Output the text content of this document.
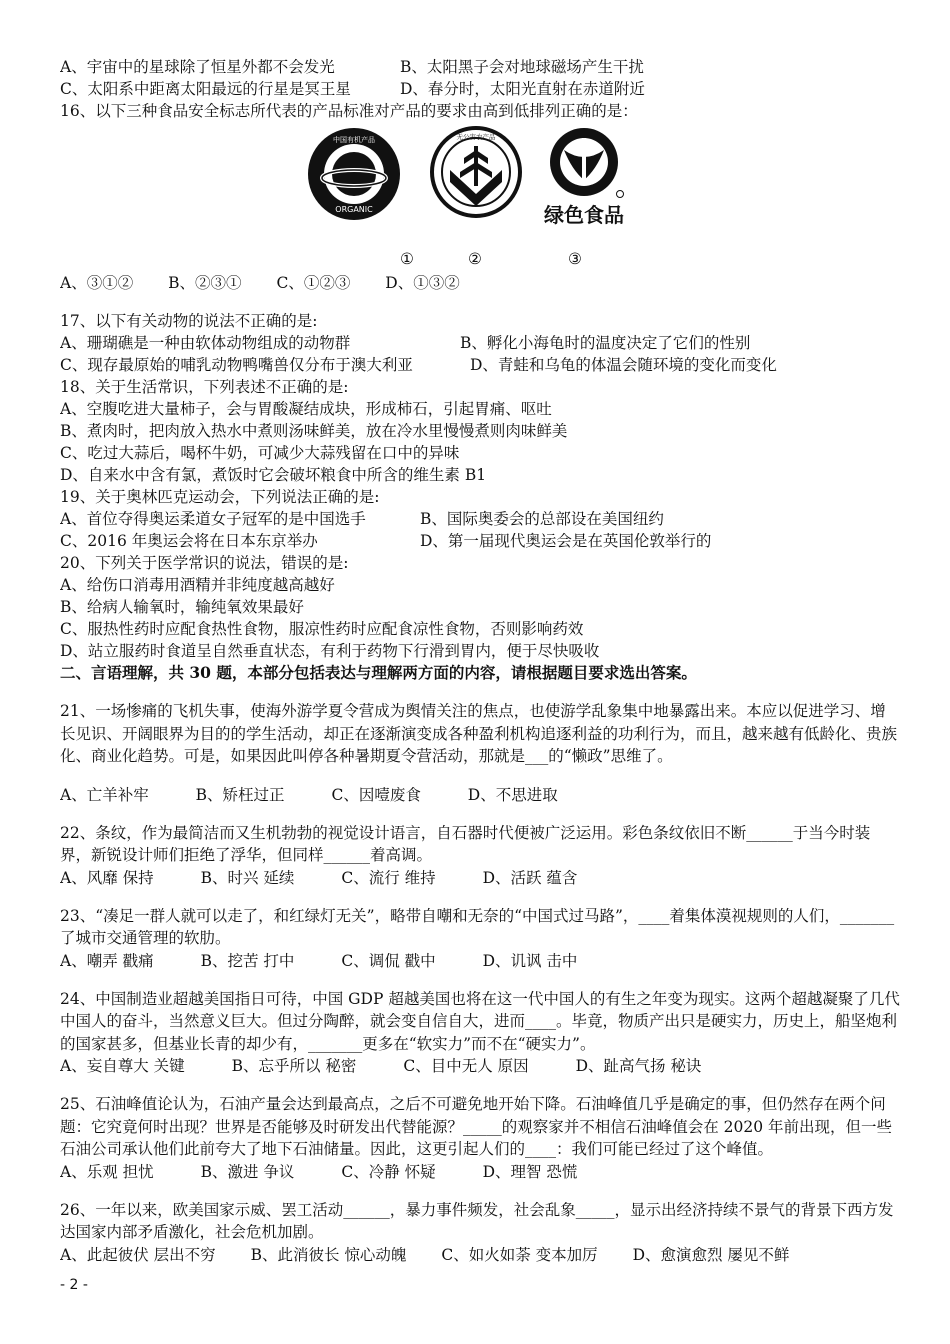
A、宇宙中的星球除了恒星外都不会发光	B、太阳黑子会对地球磁场产生干扰
C、太阳系中距离太阳最远的行星是冥王星	D、春分时，太阳光直射在赤道附近
16、以下三种食品安全标志所代表的产品标准对产品的要求由高到低排列正确的是：
中国有机产品
ORGANIC
无公害农产品
绿色食品
①	②	③
A、③①② B、②③① C、①②③ D、①③②
17、以下有关动物的说法不正确的是:
A、珊瑚礁是一种由软体动物组成的动物群	B、孵化小海龟时的温度决定了它们的性别
C、现存最原始的哺乳动物鸭嘴兽仅分布于澳大利亚	D、青蛙和乌龟的体温会随环境的变化而变化
18、关于生活常识，下列表述不正确的是:
A、空腹吃进大量柿子，会与胃酸凝结成块，形成柿石，引起胃痛、呕吐
B、煮肉时，把肉放入热水中煮则汤味鲜美，放在冷水里慢慢煮则肉味鲜美
C、吃过大蒜后，喝杯牛奶，可减少大蒜残留在口中的异味
D、自来水中含有氯，煮饭时它会破坏粮食中所含的维生素 B1
19、关于奥林匹克运动会，下列说法正确的是:
A、首位夺得奥运柔道女子冠军的是中国选手	B、国际奥委会的总部设在美国纽约
C、2016 年奥运会将在日本东京举办	D、第一届现代奥运会是在英国伦敦举行的
20、下列关于医学常识的说法，错误的是:
A、给伤口消毒用酒精并非纯度越高越好
B、给病人输氧时，输纯氧效果最好
C、服热性药时应配食热性食物，服凉性药时应配食凉性食物，否则影响药效
D、站立服药时食道呈自然垂直状态，有利于药物下行滑到胃内，便于尽快吸收
二、言语理解，共 30 题，本部分包括表达与理解两方面的内容，请根据题目要求选出答案。
21、一场惨痛的飞机失事，使海外游学夏令营成为舆情关注的焦点，也使游学乱象集中地暴露出来。本应以促进学习、增长见识、开阔眼界为目的的学生活动，却正在逐渐演变成各种盈利机构追逐利益的功利行为，而且，越来越有低龄化、贵族化、商业化趋势。可是，如果因此叫停各种暑期夏令营活动，那就是___的“懒政”思维了。
A、亡羊补牢	B、矫枉过正	C、因噎废食	D、不思进取
22、条纹，作为最简洁而又生机勃勃的视觉设计语言，自石器时代便被广泛运用。彩色条纹依旧不断______于当今时装界，新锐设计师们拒绝了浮华，但同样______着高调。
A、风靡 保持	B、时兴 延续	C、流行 维持	D、活跃 蕴含
23、“凑足一群人就可以走了，和红绿灯无关”，略带自嘲和无奈的“中国式过马路”，____着集体漠视规则的人们，_______了城市交通管理的软肋。
A、嘲弄 戳痛	B、挖苦 打中	C、调侃 戳中	D、讥讽 击中
24、中国制造业超越美国指日可待，中国 GDP 超越美国也将在这一代中国人的有生之年变为现实。这两个超越凝聚了几代中国人的奋斗，当然意义巨大。但过分陶醉，就会变自信自大，进而____。毕竟，物质产出只是硬实力，历史上，船坚炮利的国家甚多，但基业长青的却少有，_______更多在“软实力”而不在“硬实力”。
A、妄自尊大 关键	B、忘乎所以 秘密	C、目中无人 原因	D、趾高气扬 秘诀
25、石油峰值论认为，石油产量会达到最高点，之后不可避免地开始下降。石油峰值几乎是确定的事，但仍然存在两个问题：它究竟何时出现？世界是否能够及时研发出代替能源？_____的观察家并不相信石油峰值会在 2020 年前出现，但一些石油公司承认他们此前夸大了地下石油储量。因此，这更引起人们的____：我们可能已经过了这个峰值。
A、乐观 担忧	B、激进 争议	C、冷静 怀疑	D、理智 恐慌
26、一年以来，欧美国家示威、罢工活动______，暴力事件频发，社会乱象_____，显示出经济持续不景气的背景下西方发达国家内部矛盾激化，社会危机加剧。
A、此起彼伏 层出不穷 B、此消彼长 惊心动魄 C、如火如荼 变本加厉 D、愈演愈烈 屡见不鲜
- 2 -
